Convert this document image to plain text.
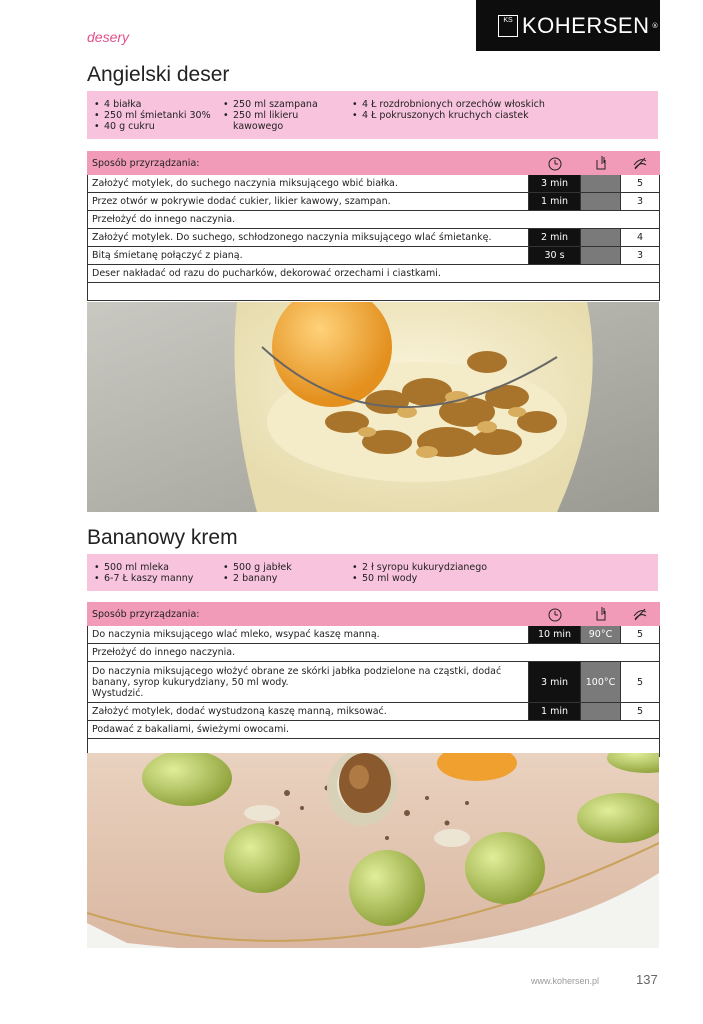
desery
KS KOHERSEN ®
Angielski deser
• 4 białka
• 250 ml śmietanki 30%
• 40 g cukru
• 250 ml szampana
• 250 ml likieru kawowego
• 4 Ł rozdrobnionych orzechów włoskich
• 4 Ł pokruszonych kruchych ciastek
Sposób przyrządzania:			
Założyć motylek, do suchego naczynia miksującego wbić białka.	3 min		5
Przez otwór w pokrywie dodać cukier, likier kawowy, szampan.	1 min		3
Przełożyć do innego naczynia.			
Założyć motylek. Do suchego, schłodzonego naczynia miksującego wlać śmietankę.	2 min		4
Bitą śmietanę połączyć z pianą.	30 s		3
Deser nakładać od razu do pucharków, dekorować orzechami i ciastkami.			

Bananowy krem
• 500 ml mleka
• 6-7 Ł kaszy manny
• 500 g jabłek
• 2 banany
• 2 ł syropu kukurydzianego
• 50 ml wody
Sposób przyrządzania:			
Do naczynia miksującego wlać mleko, wsypać kaszę manną.	10 min	90°C	5
Przełożyć do innego naczynia.			
Do naczynia miksującego włożyć obrane ze skórki jabłka podzielone na cząstki, dodać banany, syrop kukurydziany, 50 ml wody.
Wystudzić.	3 min	100°C	5
Założyć motylek, dodać wystudzoną kaszę manną, miksować.	1 min		5
Podawać z bakaliami, świeżymi owocami.			

www.kohersen.pl	137
